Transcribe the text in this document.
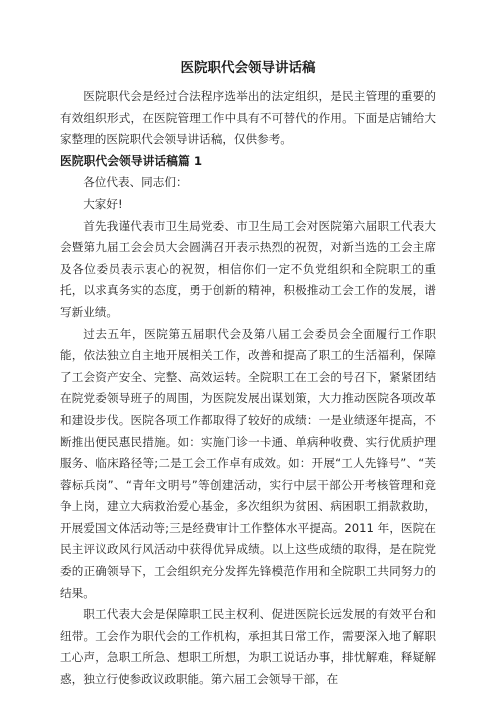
医院职代会领导讲话稿

医院职代会是经过合法程序选举出的法定组织，是民主管理的重要的有效组织形式，在医院管理工作中具有不可替代的作用。下面是店铺给大家整理的医院职代会领导讲话稿，仅供参考。

医院职代会领导讲话稿篇 1

各位代表、同志们：

大家好!

首先我谨代表市卫生局党委、市卫生局工会对医院第六届职工代表大会暨第九届工会会员大会圆满召开表示热烈的祝贺，对新当选的工会主席及各位委员表示衷心的祝贺，相信你们一定不负党组织和全院职工的重托，以求真务实的态度，勇于创新的精神，积极推动工会工作的发展，谱写新业绩。

过去五年，医院第五届职代会及第八届工会委员会全面履行工作职能，依法独立自主地开展相关工作，改善和提高了职工的生活福利，保障了工会资产安全、完整、高效运转。全院职工在工会的号召下，紧紧团结在院党委领导班子的周围，为医院发展出谋划策，大力推动医院各项改革和建设步伐。医院各项工作都取得了较好的成绩：一是业绩逐年提高，不断推出便民惠民措施。如：实施门诊一卡通、单病种收费、实行优质护理服务、临床路径等;二是工会工作卓有成效。如：开展“工人先锋号”、“芙蓉标兵岗”、“青年文明号”等创建活动，实行中层干部公开考核管理和竞争上岗，建立大病救治爱心基金，多次组织为贫困、病困职工捐款救助，开展爱国文体活动等;三是经费审计工作整体水平提高。2011 年，医院在民主评议政风行风活动中获得优异成绩。以上这些成绩的取得，是在院党委的正确领导下，工会组织充分发挥先锋模范作用和全院职工共同努力的结果。

职工代表大会是保障职工民主权利、促进医院长远发展的有效平台和纽带。工会作为职代会的工作机构，承担其日常工作，需要深入地了解职工心声，急职工所急、想职工所想，为职工说话办事，排忧解难，释疑解惑，独立行使参政议政职能。第六届工会领导干部，在
